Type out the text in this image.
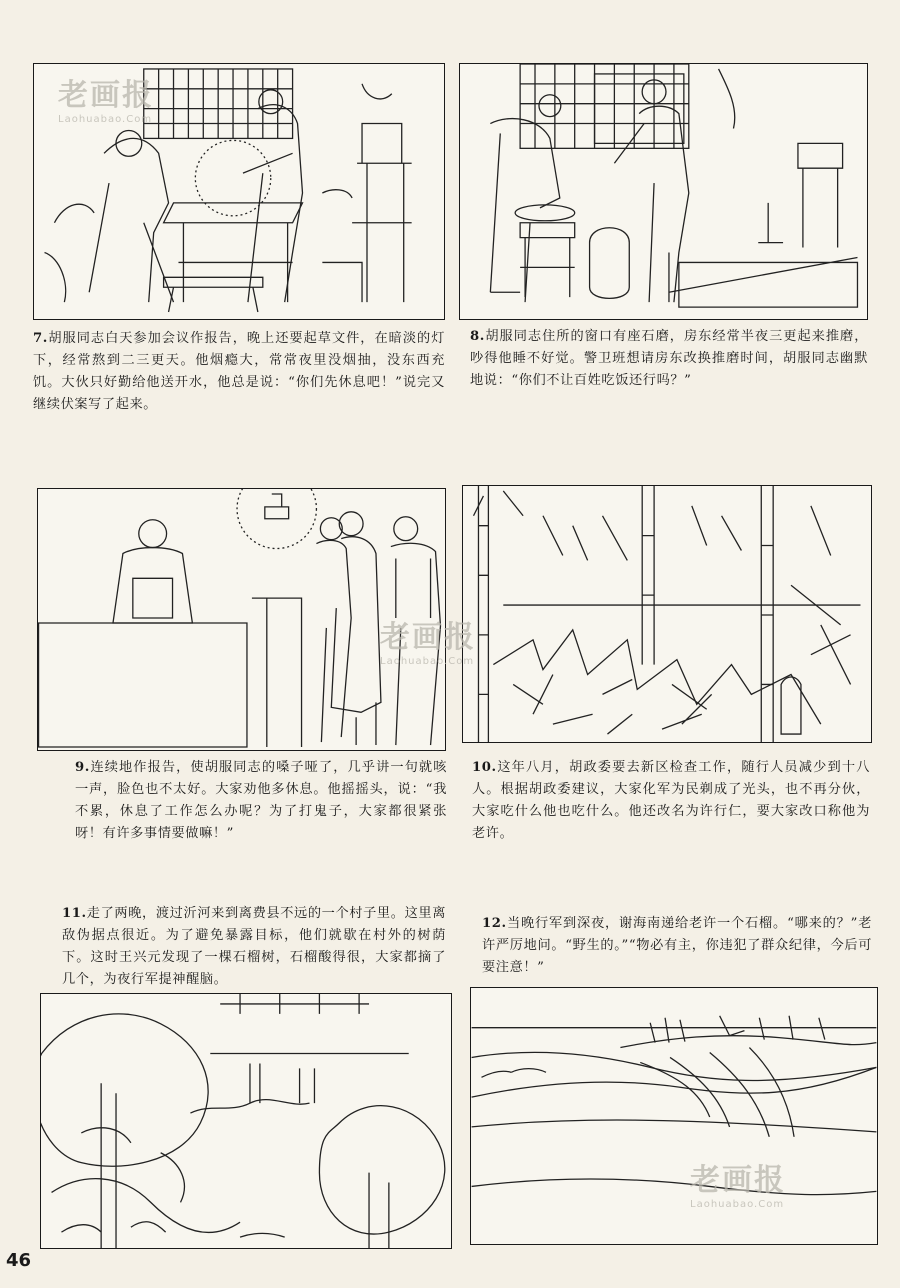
7.胡服同志白天参加会议作报告，晚上还要起草文件，在暗淡的灯下，经常熬到二三更天。他烟瘾大，常常夜里没烟抽，没东西充饥。大伙只好勤给他送开水，他总是说：“你们先休息吧！”说完又继续伏案写了起来。

8.胡服同志住所的窗口有座石磨，房东经常半夜三更起来推磨，吵得他睡不好觉。警卫班想请房东改换推磨时间，胡服同志幽默地说：“你们不让百姓吃饭还行吗？”

9.连续地作报告，使胡服同志的嗓子哑了，几乎讲一句就咳一声，脸色也不太好。大家劝他多休息。他摇摇头，说：“我不累，休息了工作怎么办呢？为了打鬼子，大家都很紧张呀！有许多事情要做嘛！”

10.这年八月，胡政委要去新区检查工作，随行人员减少到十八人。根据胡政委建议，大家化军为民剃成了光头，也不再分伙，大家吃什么他也吃什么。他还改名为许行仁，要大家改口称他为老许。

11.走了两晚，渡过沂河来到离费县不远的一个村子里。这里离敌伪据点很近。为了避免暴露目标，他们就歇在村外的树荫下。这时王兴元发现了一棵石榴树，石榴酸得很，大家都摘了几个，为夜行军提神醒脑。

12.当晚行军到深夜，谢海南递给老许一个石榴。“哪来的？”老许严厉地问。“野生的。”“物必有主，你违犯了群众纪律，今后可要注意！”

老画报
Laohuabao.Com
老画报
Laohuabao.Com
老画报
Laohuabao.Com
46
